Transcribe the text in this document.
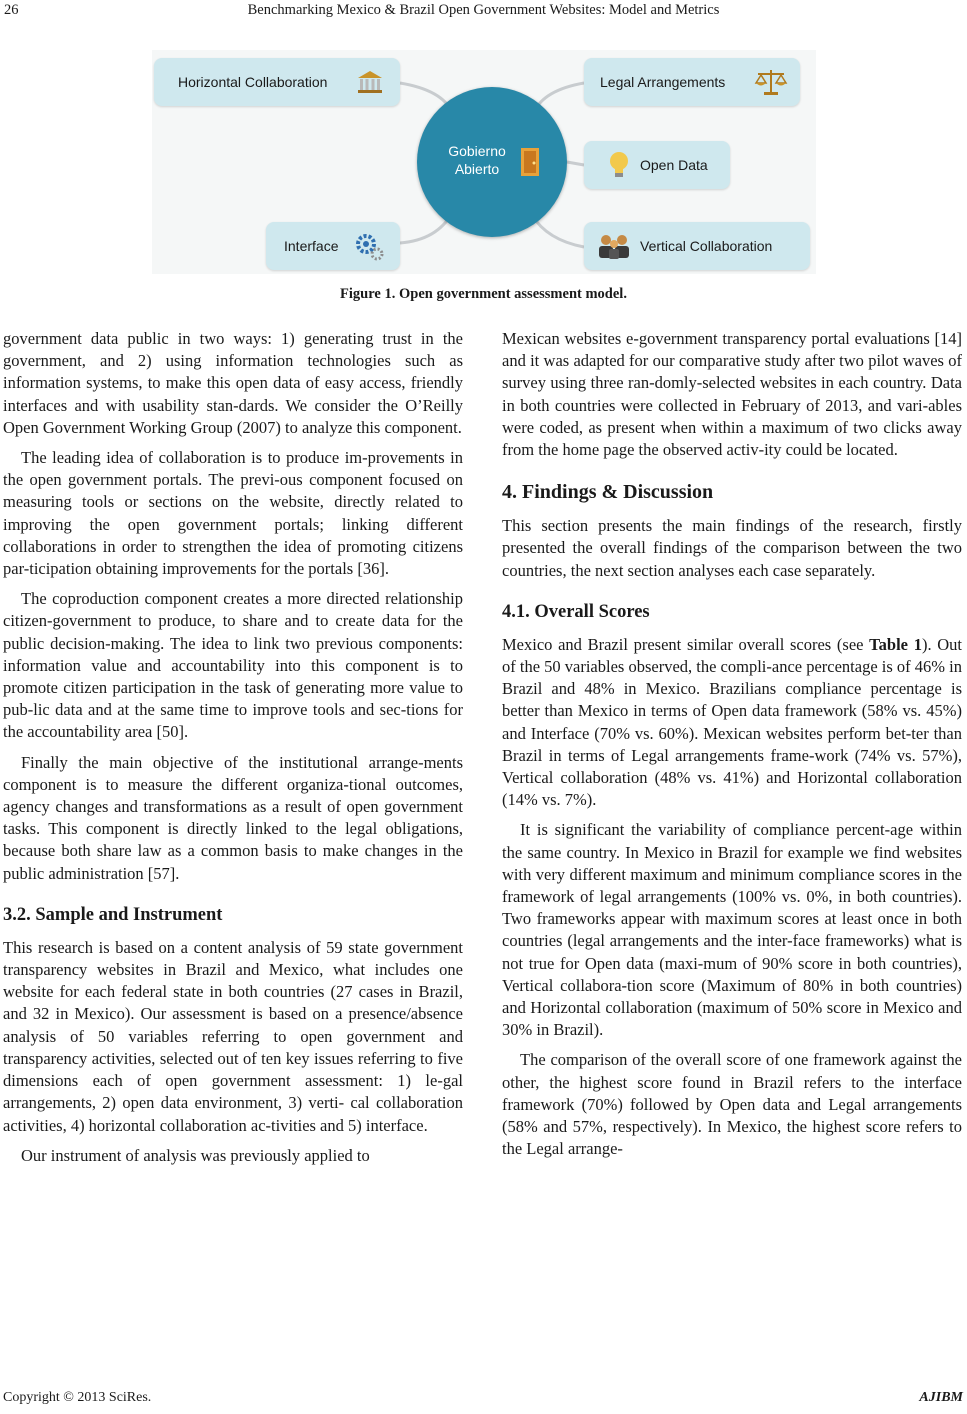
26	Benchmarking Mexico & Brazil Open Government Websites: Model and Metrics
Horizontal Collaboration	Legal Arrangements
Open Data
Interface	Vertical Collaboration
Gobierno
Abierto
Figure 1. Open government assessment model.

government data public in two ways: 1) generating trust in the government, and 2) using information technologies such as information systems, to make this open data of easy access, friendly interfaces and with usability stan-dards. We consider the O’Reilly Open Government Working Group (2007) to analyze this component.

The leading idea of collaboration is to produce im-provements in the open government portals. The previ-ous component focused on measuring tools or sections on the website, directly related to improving the open government portals; linking different collaborations in order to strengthen the idea of promoting citizens par-ticipation obtaining improvements for the portals [36].

The coproduction component creates a more directed relationship citizen-government to produce, to share and to create data for the public decision-making. The idea to link two previous components: information value and accountability into this component is to promote citizen participation in the task of generating more value to pub-lic data and at the same time to improve tools and sec-tions for the accountability area [50].

Finally the main objective of the institutional arrange-ments component is to measure the different organiza-tional outcomes, agency changes and transformations as a result of open government tasks. This component is directly linked to the legal obligations, because both share law as a common basis to make changes in the public administration [57].

3.2. Sample and Instrument

This research is based on a content analysis of 59 state government transparency websites in Brazil and Mexico, what includes one website for each federal state in both countries (27 cases in Brazil, and 32 in Mexico). Our assessment is based on a presence/absence analysis of 50 variables referring to open government and transparency activities, selected out of ten key issues referring to five dimensions each of open government assessment: 1) le-gal arrangements, 2) open data environment, 3) verti- cal collaboration activities, 4) horizontal collaboration ac-tivities and 5) interface.

Our instrument of analysis was previously applied to

Mexican websites e-government transparency portal evaluations [14] and it was adapted for our comparative study after two pilot waves of survey using three ran-domly-selected websites in each country. Data in both countries were collected in February of 2013, and vari-ables were coded, as present when within a maximum of two clicks away from the home page the observed activ-ity could be located.

4. Findings & Discussion

This section presents the main findings of the research, firstly presented the overall findings of the comparison between the two countries, the next section analyses each case separately.

4.1. Overall Scores

Mexico and Brazil present similar overall scores (see Table 1). Out of the 50 variables observed, the compli-ance percentage is of 46% in Brazil and 48% in Mexico. Brazilians compliance percentage is better than Mexico in terms of Open data framework (58% vs. 45%) and Interface (70% vs. 60%). Mexican websites perform bet-ter than Brazil in terms of Legal arrangements frame-work (74% vs. 57%), Vertical collaboration (48% vs. 41%) and Horizontal collaboration (14% vs. 7%).

It is significant the variability of compliance percent-age within the same country. In Mexico in Brazil for example we find websites with very different maximum and minimum compliance scores in the framework of legal arrangements (100% vs. 0%, in both countries). Two frameworks appear with maximum scores at least once in both countries (legal arrangements and the inter-face frameworks) what is not true for Open data (maxi-mum of 90% score in both countries), Vertical collabora-tion score (Maximum of 80% in both countries) and Horizontal collaboration (maximum of 50% score in Mexico and 30% in Brazil).

The comparison of the overall score of one framework against the other, the highest score found in Brazil refers to the interface framework (70%) followed by Open data and Legal arrangements (58% and 57%, respectively). In Mexico, the highest score refers to the Legal arrange-

Copyright © 2013 SciRes.	AJIBM
